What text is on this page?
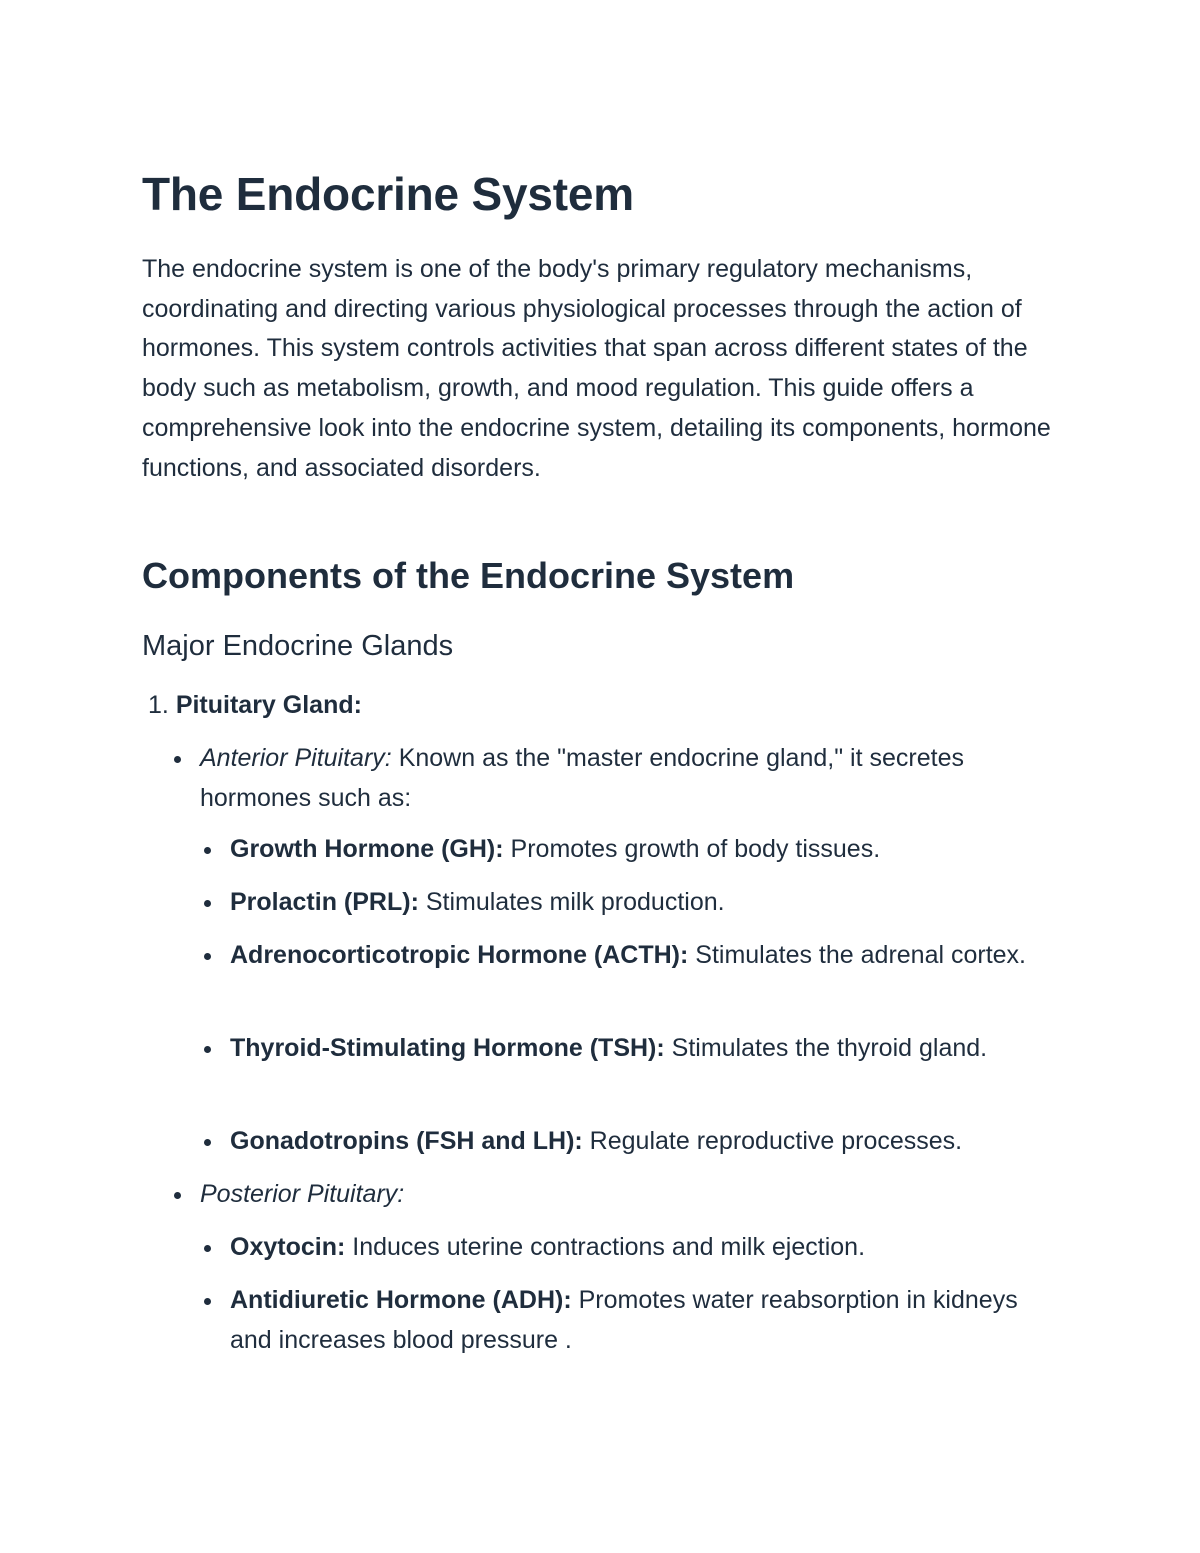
The Endocrine System

The endocrine system is one of the body's primary regulatory mechanisms, coordinating and directing various physiological processes through the action of hormones. This system controls activities that span across different states of the body such as metabolism, growth, and mood regulation. This guide offers a comprehensive look into the endocrine system, detailing its components, hormone functions, and associated disorders.

Components of the Endocrine System
Major Endocrine Glands
1. Pituitary Gland:
Anterior Pituitary: Known as the "master endocrine gland," it secretes hormones such as:
Growth Hormone (GH): Promotes growth of body tissues.
Prolactin (PRL): Stimulates milk production.
Adrenocorticotropic Hormone (ACTH): Stimulates the adrenal cortex.
Thyroid-Stimulating Hormone (TSH): Stimulates the thyroid gland.
Gonadotropins (FSH and LH): Regulate reproductive processes.
Posterior Pituitary:
Oxytocin: Induces uterine contractions and milk ejection.
Antidiuretic Hormone (ADH): Promotes water reabsorption in kidneys and increases blood pressure .
